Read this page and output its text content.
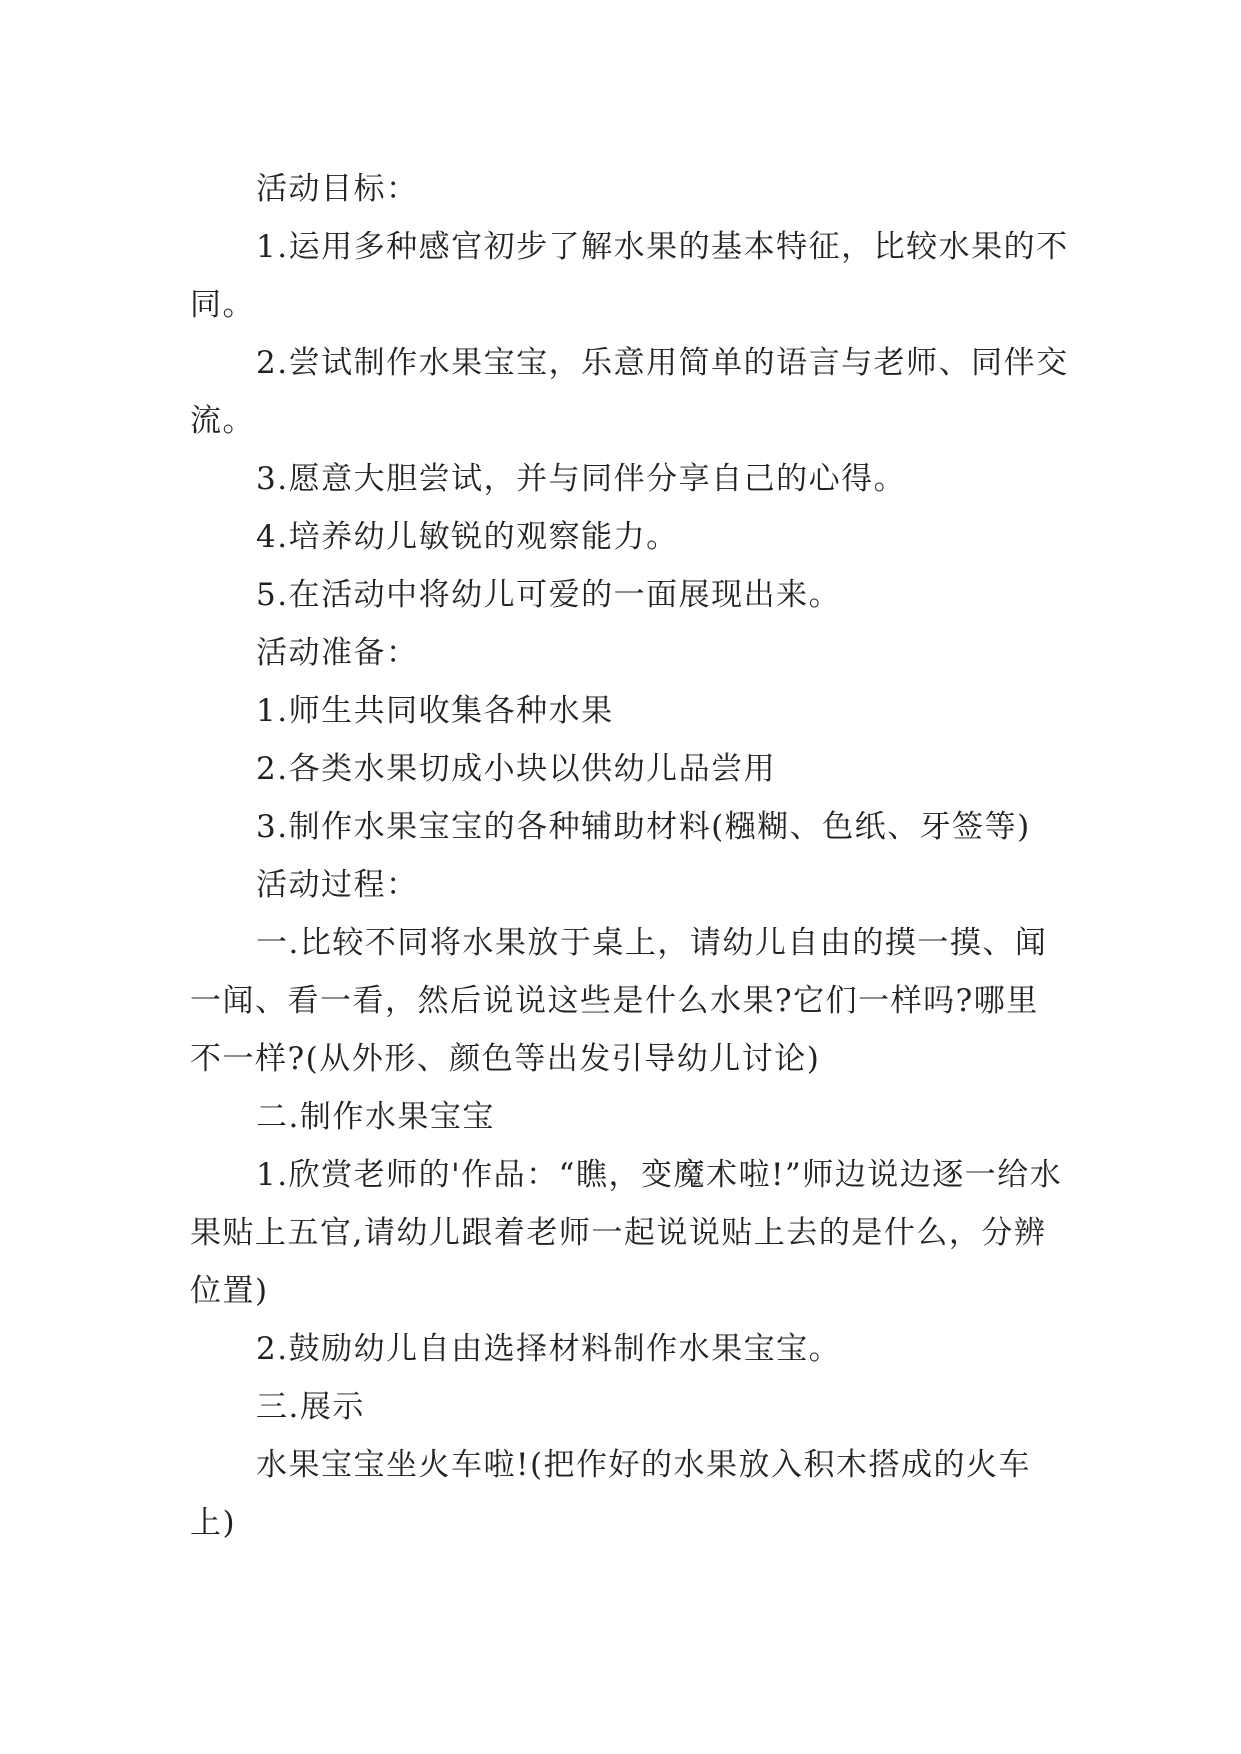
活动目标：

1.运用多种感官初步了解水果的基本特征，比较水果的不同。

2.尝试制作水果宝宝，乐意用简单的语言与老师、同伴交流。

3.愿意大胆尝试，并与同伴分享自己的心得。

4.培养幼儿敏锐的观察能力。

5.在活动中将幼儿可爱的一面展现出来。

活动准备：

1.师生共同收集各种水果

2.各类水果切成小块以供幼儿品尝用

3.制作水果宝宝的各种辅助材料(糨糊、色纸、牙签等)

活动过程：

一.比较不同将水果放于桌上，请幼儿自由的摸一摸、闻一闻、看一看，然后说说这些是什么水果?它们一样吗?哪里不一样?(从外形、颜色等出发引导幼儿讨论)

二.制作水果宝宝

1.欣赏老师的'作品：“瞧，变魔术啦!”师边说边逐一给水果贴上五官,请幼儿跟着老师一起说说贴上去的是什么，分辨位置)

2.鼓励幼儿自由选择材料制作水果宝宝。

三.展示

水果宝宝坐火车啦!(把作好的水果放入积木搭成的火车上)
